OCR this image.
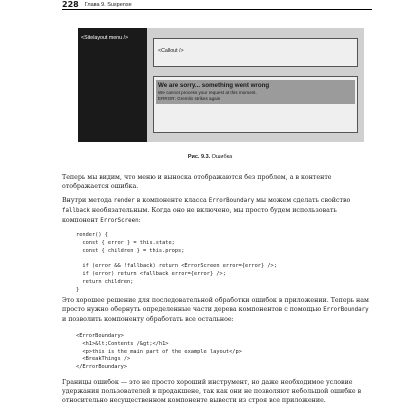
228 Глава 9. Suspense
<Sitelayout menu />
<Callout />
We are sorry... something went wrong
We cannot process your request at this moment.
ERROR: Gremlin strikes again
Рис. 9.3. Ошибка
Теперь мы видим, что меню и выноска отображаются без проблем, а в контенте отображается ошибка.
Внутри метода render в компоненте класса ErrorBoundary мы можем сделать свойство fallback необязательным. Когда оно не включено, мы просто будем использовать компонент ErrorScreen:
render() {
const { error } = this.state;
const { children } = this.props;

if (error && !fallback) return <ErrorScreen error={error} />;
if (error) return <fallback error={error} />;
return children;
}
Это хорошее решение для последовательной обработки ошибок в приложении. Теперь нам просто нужно обернуть определенные части дерева компонентов с помощью ErrorBoundary и позволить компоненту обработать все остальное:
<ErrorBoundary>
<h1>&lt;Contents /&gt;</h1>
<p>this is the main part of the example layout</p>
<BreakThings />
</ErrorBoundary>
Границы ошибок — это не просто хороший инструмент, но даже необходимое условие удержания пользователей в продакшене, так как они не позволяют небольшой ошибке в относительно несущественном компоненте вывести из строя все приложение.
